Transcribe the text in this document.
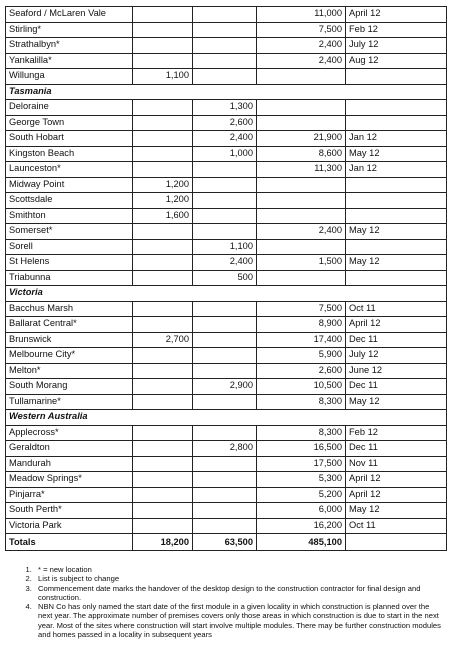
Seaford / McLaren Vale			11,000	April 12
Stirling*			7,500	Feb 12
Strathalbyn*			2,400	July 12
Yankalilla*			2,400	Aug 12
Willunga	1,100			
Tasmania				
Deloraine		1,300		
George Town		2,600		
South Hobart		2,400	21,900	Jan 12
Kingston Beach		1,000	8,600	May 12
Launceston*			11,300	Jan 12
Midway Point	1,200			
Scottsdale	1,200			
Smithton	1,600			
Somerset*			2,400	May 12
Sorell		1,100		
St Helens		2,400	1,500	May 12
Triabunna		500		
Victoria				
Bacchus Marsh			7,500	Oct 11
Ballarat Central*			8,900	April 12
Brunswick	2,700		17,400	Dec 11
Melbourne City*			5,900	July 12
Melton*			2,600	June 12
South Morang		2,900	10,500	Dec 11
Tullamarine*			8,300	May 12
Western Australia				
Applecross*			8,300	Feb 12
Geraldton		2,800	16,500	Dec 11
Mandurah			17,500	Nov 11
Meadow Springs*			5,300	April 12
Pinjarra*			5,200	April 12
South Perth*			6,000	May 12
Victoria Park			16,200	Oct 11
Totals	18,200	63,500	485,100	
1. * = new location
2. List is subject to change
3. Commencement date marks the handover of the desktop design to the construction contractor for final design and construction.
4. NBN Co has only named the start date of the first module in a given locality in which construction is planned over the next year. The approximate number of premises covers only those areas in which construction is due to start in the next year. Most of the sites where construction will start involve multiple modules. There may be further construction modules and homes passed in a locality in subsequent years
